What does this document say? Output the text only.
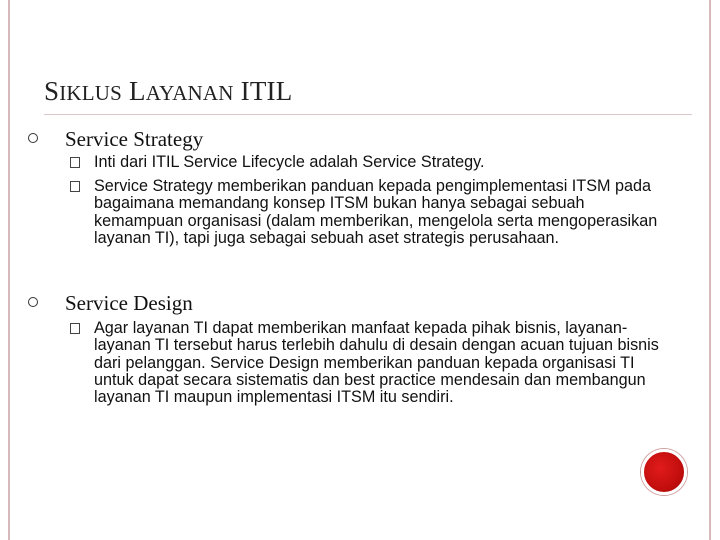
SIKLUS LAYANAN ITIL
Service Strategy
Inti dari ITIL Service Lifecycle adalah Service Strategy.
Service Strategy memberikan panduan kepada pengimplementasi ITSM pada bagaimana memandang konsep ITSM bukan hanya sebagai sebuah kemampuan organisasi (dalam memberikan, mengelola serta mengoperasikan layanan TI), tapi juga sebagai sebuah aset strategis perusahaan.
Service Design
Agar layanan TI dapat memberikan manfaat kepada pihak bisnis, layanan-layanan TI tersebut harus terlebih dahulu di desain dengan acuan tujuan bisnis dari pelanggan. Service Design memberikan panduan kepada organisasi TI untuk dapat secara sistematis dan best practice mendesain dan membangun layanan TI maupun implementasi ITSM itu sendiri.
